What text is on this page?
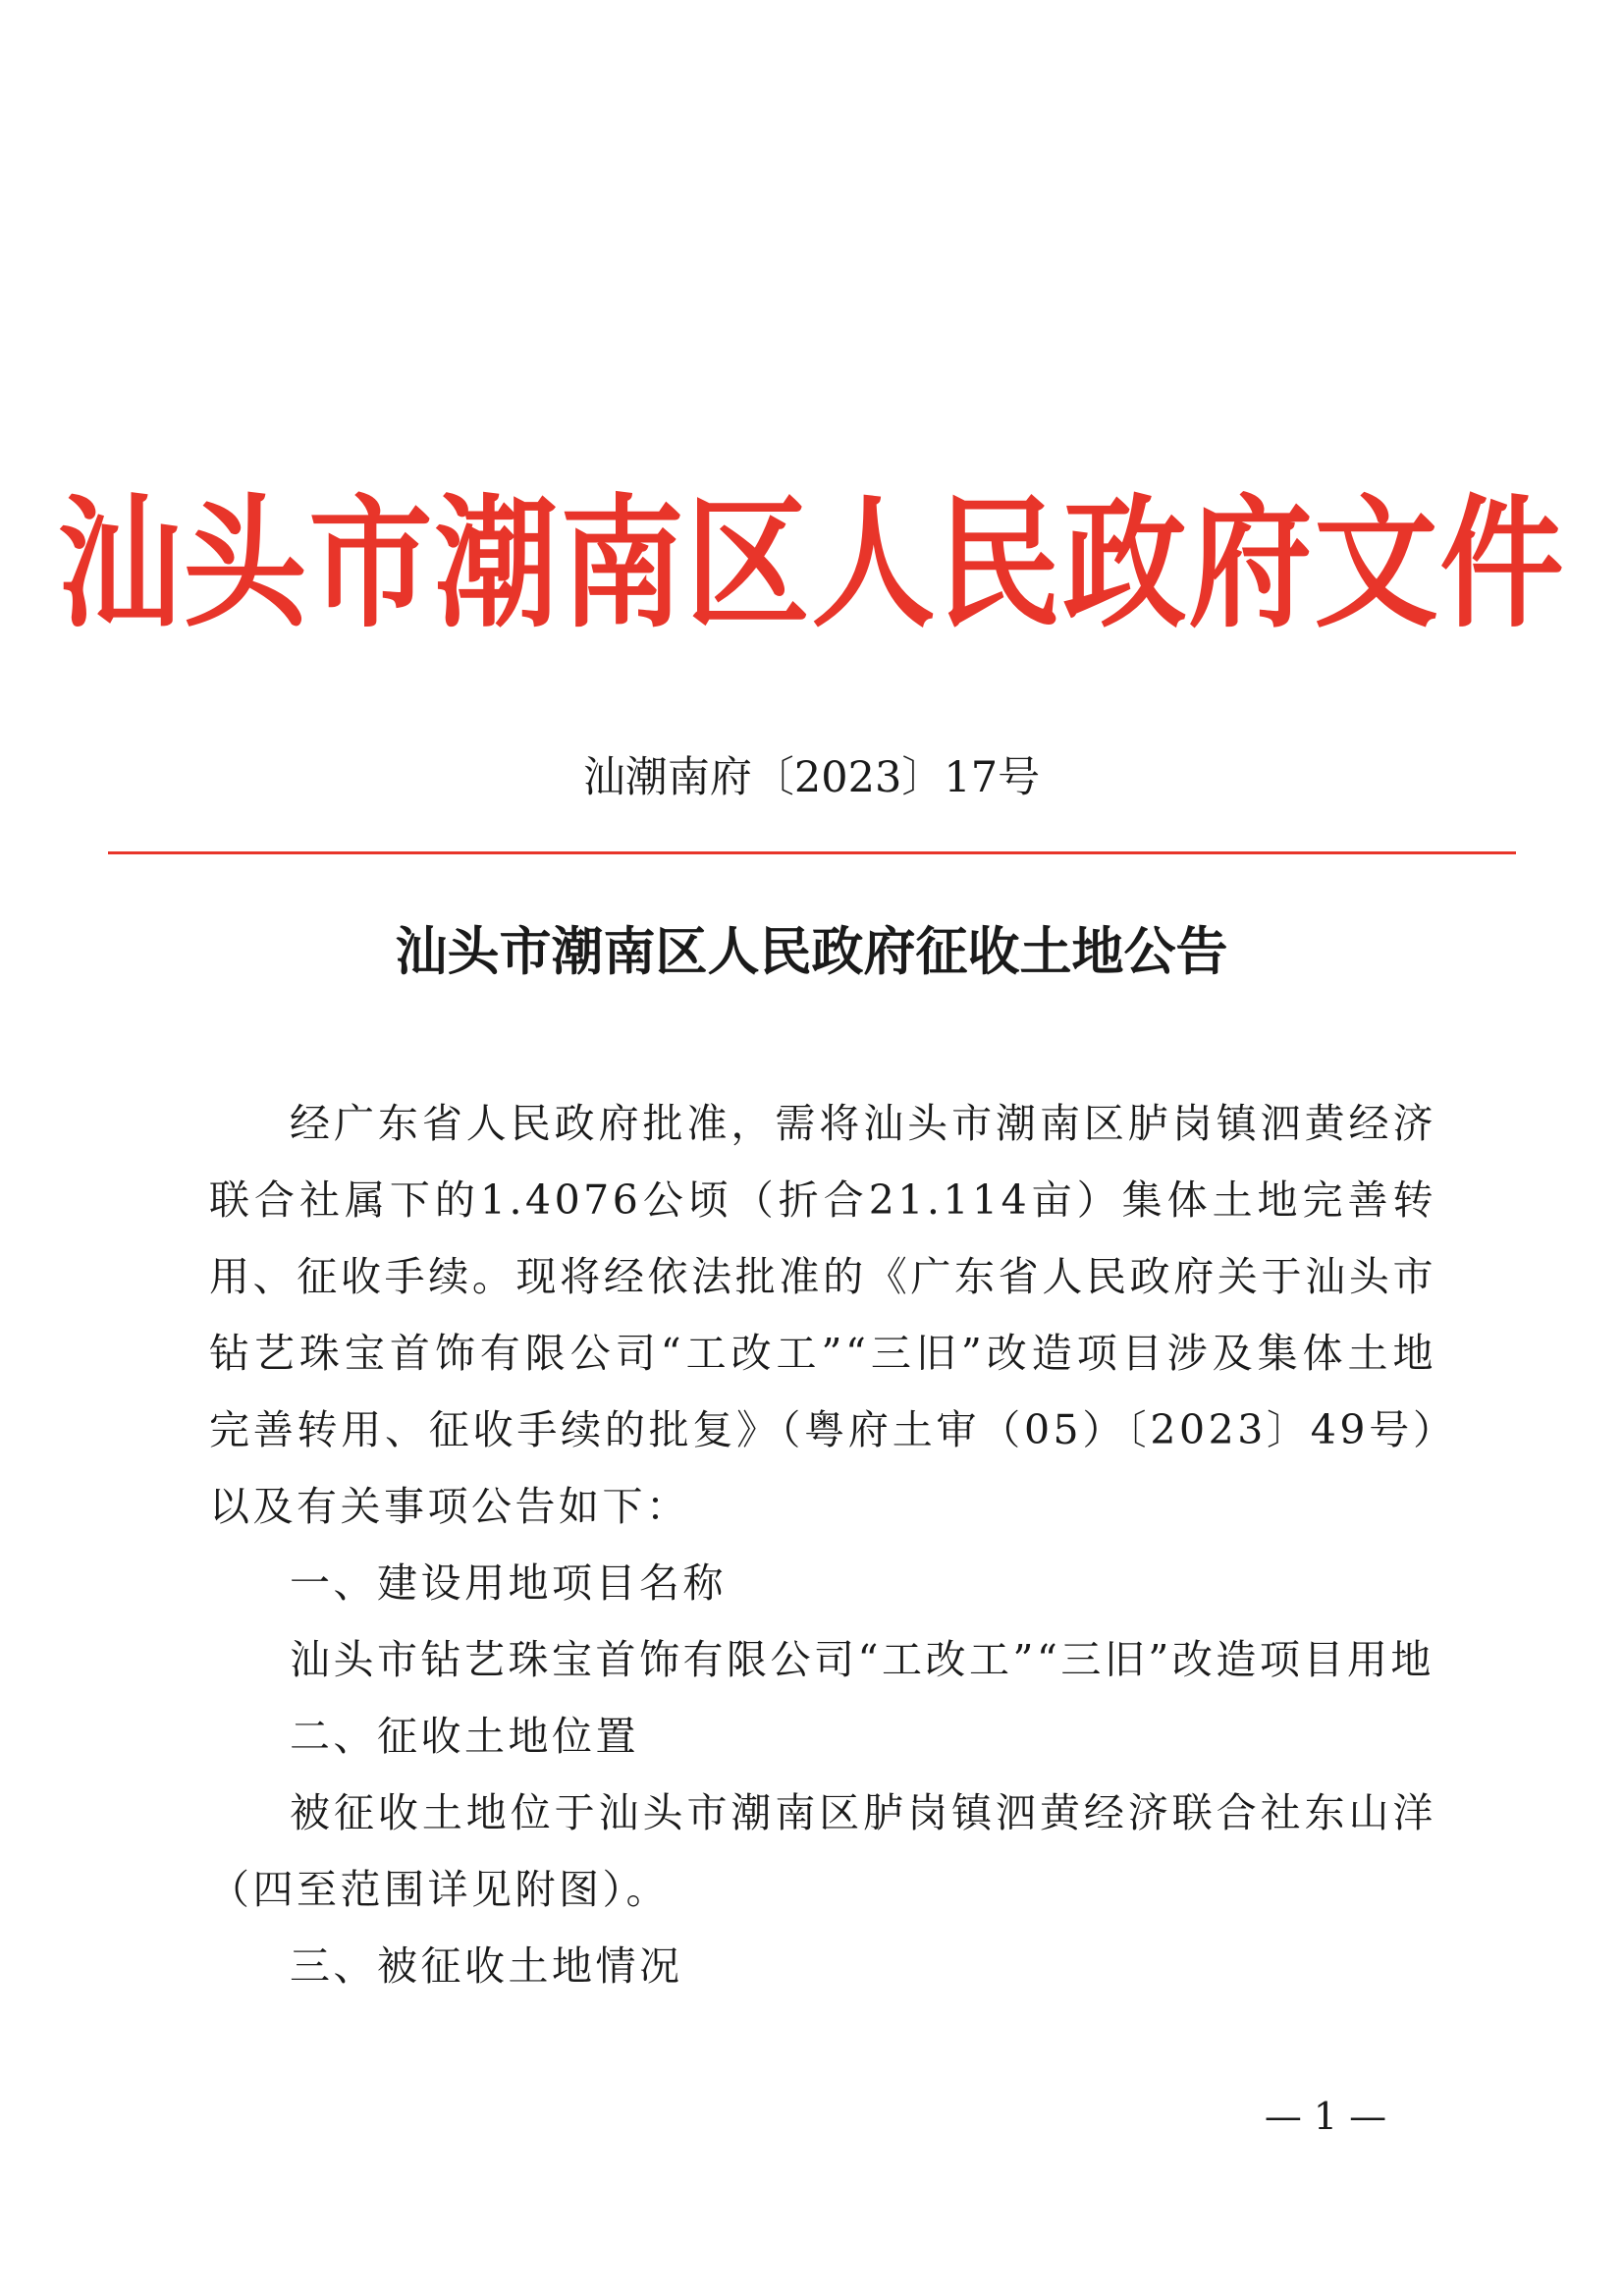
汕头市潮南区人民政府文件
汕潮南府〔2023〕17号
汕头市潮南区人民政府征收土地公告

经广东省人民政府批准，需将汕头市潮南区胪岗镇泗黄经济联合社属下的1.4076公顷（折合21.114亩）集体土地完善转用、征收手续。现将经依法批准的《广东省人民政府关于汕头市钻艺珠宝首饰有限公司“工改工”“三旧”改造项目涉及集体土地完善转用、征收手续的批复》（粤府土审（05）〔2023〕49号）以及有关事项公告如下：

一、建设用地项目名称

汕头市钻艺珠宝首饰有限公司“工改工”“三旧”改造项目用地

二、征收土地位置

被征收土地位于汕头市潮南区胪岗镇泗黄经济联合社东山洋（四至范围详见附图）。

三、被征收土地情况

— 1 —
